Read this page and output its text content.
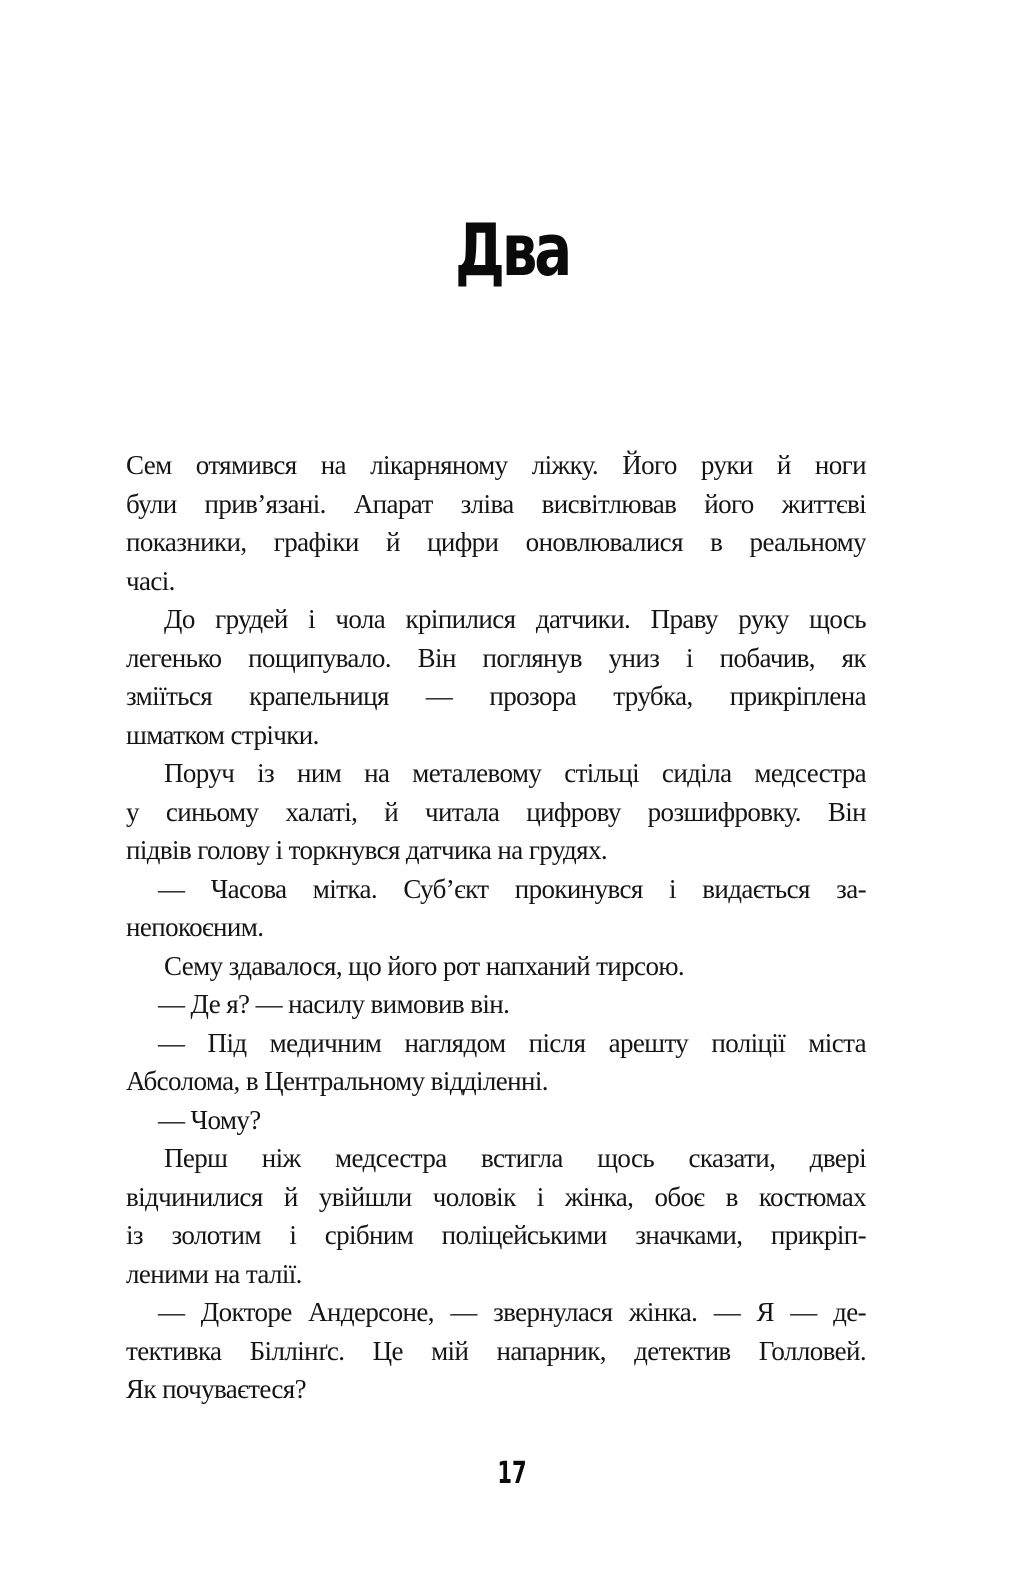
Два
Сем отямився на лікарняному ліжку. Його руки й ноги
були прив’язані. Апарат зліва висвітлював його життєві
показники, графіки й цифри оновлювалися в реальному
часі.
До грудей і чола кріпилися датчики. Праву руку щось
легенько пощипувало. Він поглянув униз і побачив, як
зміїться крапельниця — прозора трубка, прикріплена
шматком стрічки.
Поруч із ним на металевому стільці сиділа медсестра
у синьому халаті, й читала цифрову розшифровку. Він
підвів голову і торкнувся датчика на грудях.
— Часова мітка. Суб’єкт прокинувся і видається за-
непокоєним.
Сему здавалося, що його рот напханий тирсою.
— Де я? — насилу вимовив він.
— Під медичним наглядом після арешту поліції міста
Абсолома, в Центральному відділенні.
— Чому?
Перш ніж медсестра встигла щось сказати, двері
відчинилися й увійшли чоловік і жінка, обоє в костюмах
із золотим і срібним поліцейськими значками, прикріп-
леними на талії.
— Докторе Андерсоне, — звернулася жінка. — Я — де-
тективка Біллінґс. Це мій напарник, детектив Голловей.
Як почуваєтеся?
17
